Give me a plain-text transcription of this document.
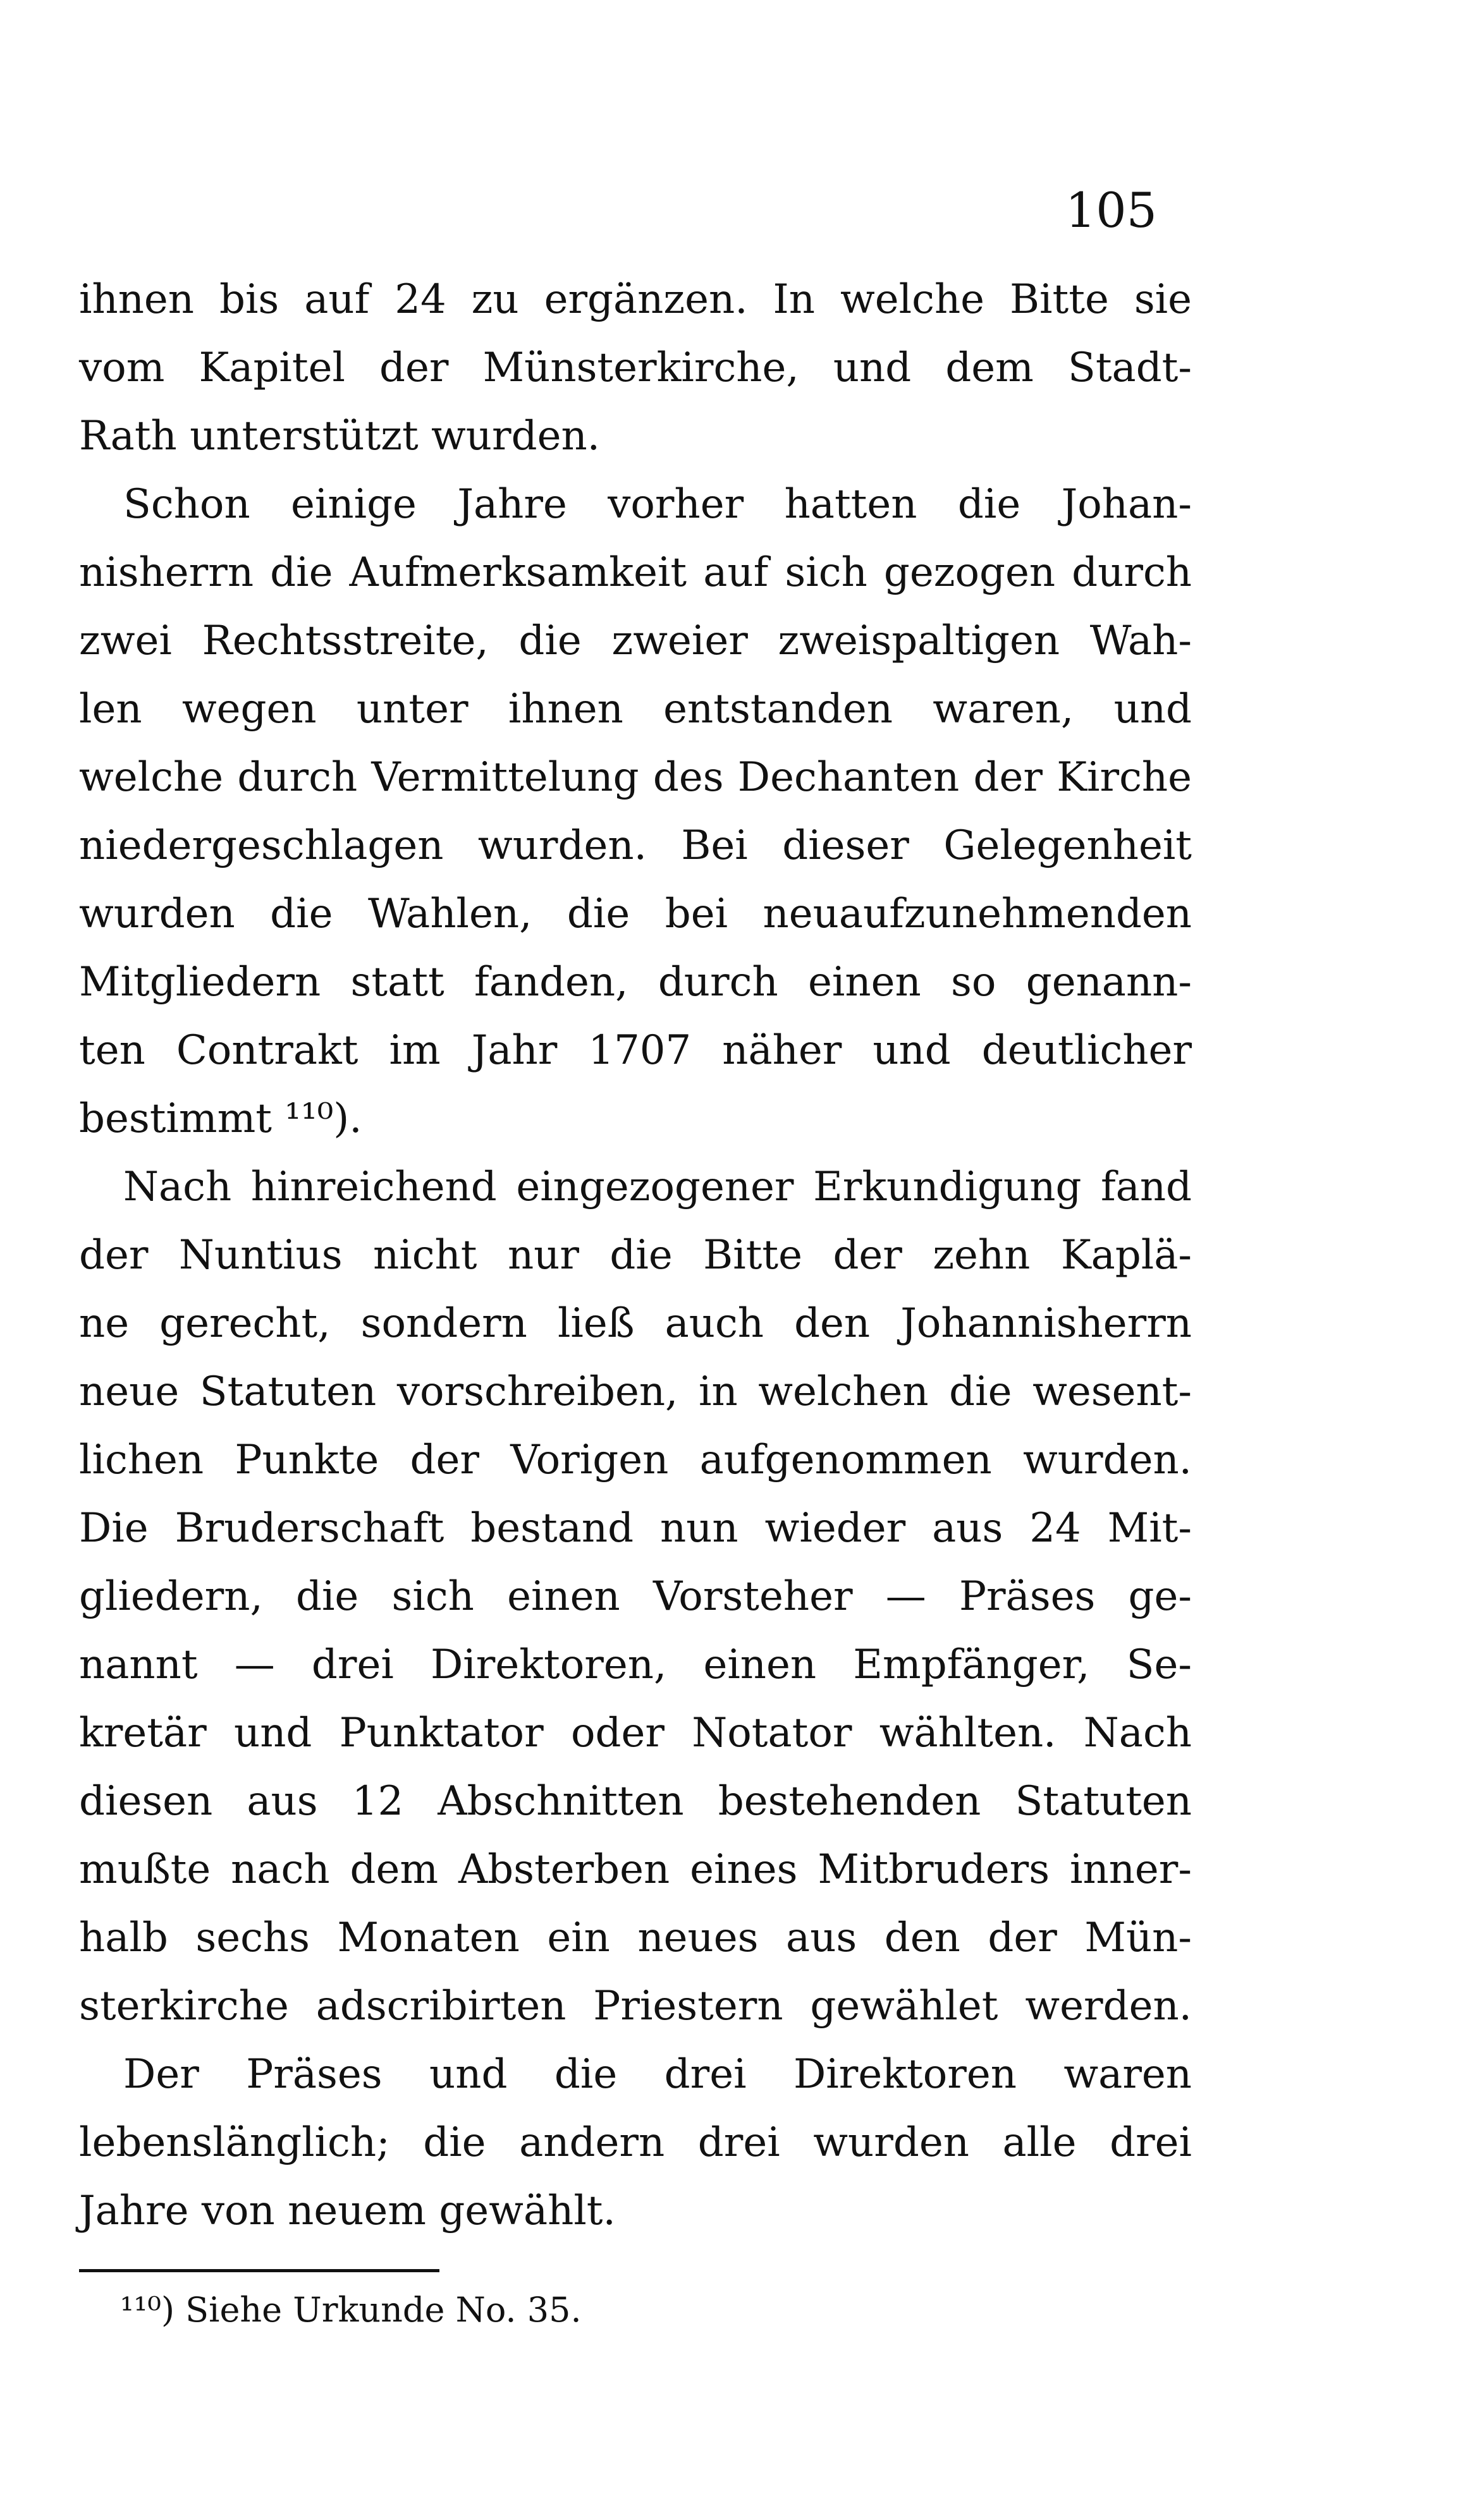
105
ihnen bis auf 24 zu ergänzen. In welche Bitte sie
vom Kapitel der Münsterkirche, und dem Stadt-
Rath unterstützt wurden.
Schon einige Jahre vorher hatten die Johan-
nisherrn die Aufmerksamkeit auf sich gezogen durch
zwei Rechtsstreite, die zweier zweispaltigen Wah-
len wegen unter ihnen entstanden waren, und
welche durch Vermittelung des Dechanten der Kirche
niedergeschlagen wurden. Bei dieser Gelegenheit
wurden die Wahlen, die bei neuaufzunehmenden
Mitgliedern statt fanden, durch einen so genann-
ten Contrakt im Jahr 1707 näher und deutlicher
bestimmt ¹¹⁰).
Nach hinreichend eingezogener Erkundigung fand
der Nuntius nicht nur die Bitte der zehn Kaplä-
ne gerecht, sondern ließ auch den Johannisherrn
neue Statuten vorschreiben, in welchen die wesent-
lichen Punkte der Vorigen aufgenommen wurden.
Die Bruderschaft bestand nun wieder aus 24 Mit-
gliedern, die sich einen Vorsteher — Präses ge-
nannt — drei Direktoren, einen Empfänger, Se-
kretär und Punktator oder Notator wählten. Nach
diesen aus 12 Abschnitten bestehenden Statuten
mußte nach dem Absterben eines Mitbruders inner-
halb sechs Monaten ein neues aus den der Mün-
sterkirche adscribirten Priestern gewählet werden.
Der Präses und die drei Direktoren waren
lebenslänglich; die andern drei wurden alle drei
Jahre von neuem gewählt.
¹¹⁰) Siehe Urkunde No. 35.
